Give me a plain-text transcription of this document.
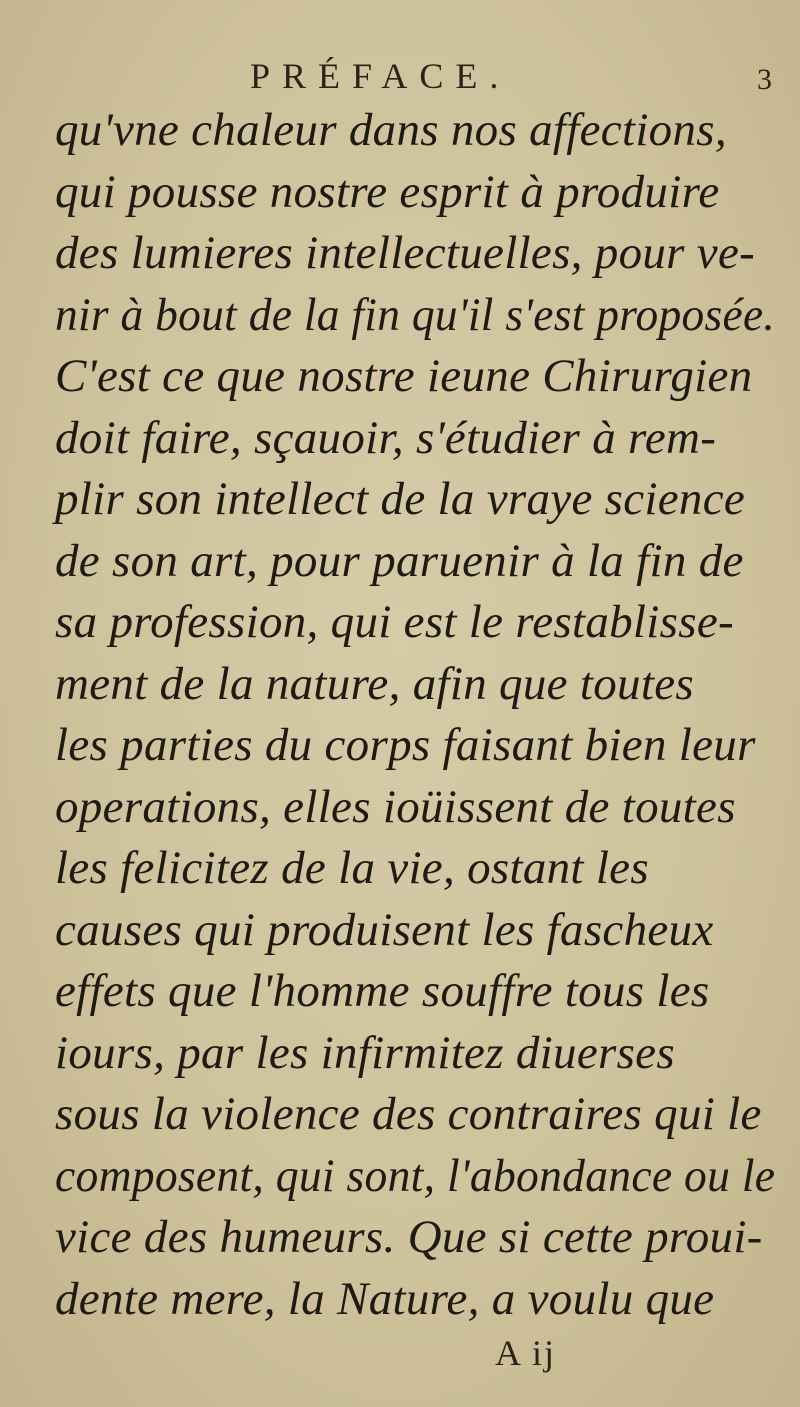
PRÉFACE.	3
qu'vne chaleur dans nos affections,
qui pousse nostre esprit à produire
des lumieres intellectuelles, pour ve-
nir à bout de la fin qu'il s'est proposée.
C'est ce que nostre ieune Chirurgien
doit faire, sçauoir, s'étudier à rem-
plir son intellect de la vraye science
de son art, pour paruenir à la fin de
sa profession, qui est le restablisse-
ment de la nature, afin que toutes
les parties du corps faisant bien leur
operations, elles ioüissent de toutes
les felicitez de la vie, ostant les
causes qui produisent les fascheux
effets que l'homme souffre tous les
iours, par les infirmitez diuerses
sous la violence des contraires qui le
composent, qui sont, l'abondance ou le
vice des humeurs. Que si cette proui-
dente mere, la Nature, a voulu que
A ij
